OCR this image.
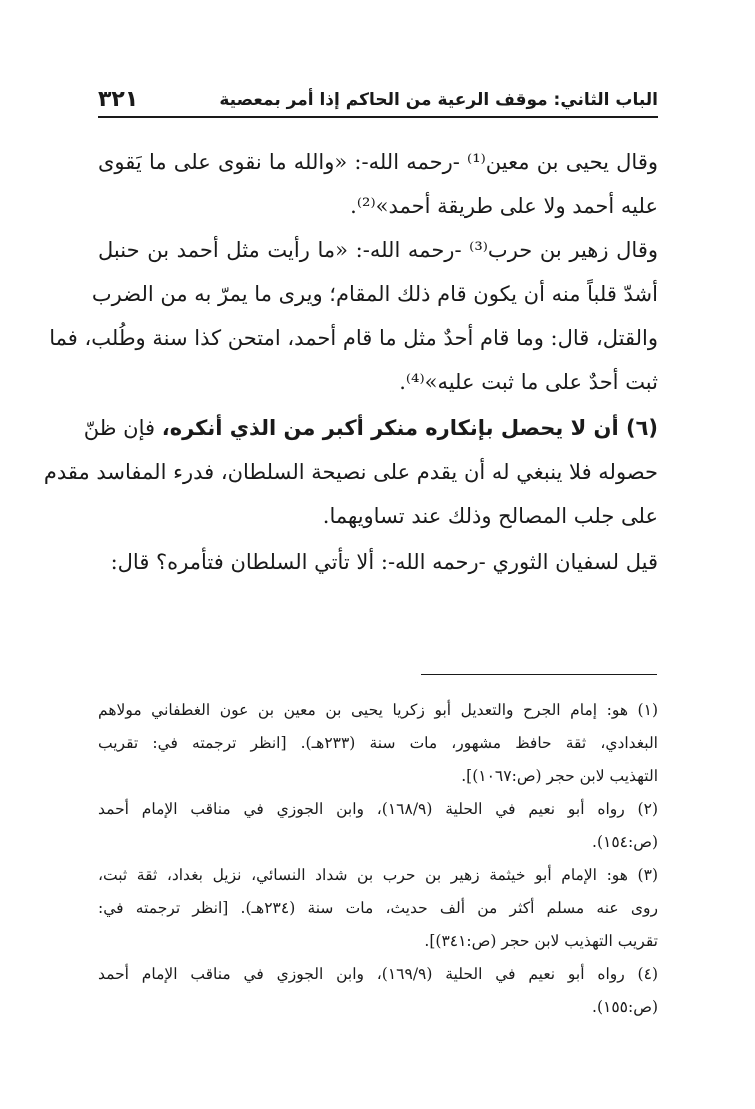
الباب الثاني: موقف الرعية من الحاكم إذا أمر بمعصية
٣٢١
وقال يحيى بن معين⁽¹⁾ -رحمه الله-: «والله ما نقوى على ما يَقوى
عليه أحمد ولا على طريقة أحمد»⁽²⁾.
وقال زهير بن حرب⁽³⁾ -رحمه الله-: «ما رأيت مثل أحمد بن حنبل
أشدّ قلباً منه أن يكون قام ذلك المقام؛ ويرى ما يمرّ به من الضرب
والقتل، قال: وما قام أحدٌ مثل ما قام أحمد، امتحن كذا سنة وطُلب، فما
ثبت أحدٌ على ما ثبت عليه»⁽⁴⁾.
(٦) أن لا يحصل بإنكاره منكر أكبر من الذي أنكره، فإن ظنّ
حصوله فلا ينبغي له أن يقدم على نصيحة السلطان، فدرء المفاسد مقدم
على جلب المصالح وذلك عند تساويهما.
قيل لسفيان الثوري -رحمه الله-: ألا تأتي السلطان فتأمره؟ قال:
(١) هو: إمام الجرح والتعديل أبو زكريا يحيى بن معين بن عون الغطفاني مولاهم
البغدادي، ثقة حافظ مشهور، مات سنة (٢٣٣هـ). [انظر ترجمته في: تقريب
التهذيب لابن حجر (ص:١٠٦٧)].
(٢) رواه أبو نعيم في الحلية (١٦٨/٩)، وابن الجوزي في مناقب الإمام أحمد
(ص:١٥٤).
(٣) هو: الإمام أبو خيثمة زهير بن حرب بن شداد النسائي، نزيل بغداد، ثقة ثبت،
روى عنه مسلم أكثر من ألف حديث، مات سنة (٢٣٤هـ). [انظر ترجمته في:
تقريب التهذيب لابن حجر (ص:٣٤١)].
(٤) رواه أبو نعيم في الحلية (١٦٩/٩)، وابن الجوزي في مناقب الإمام أحمد
(ص:١٥٥).
